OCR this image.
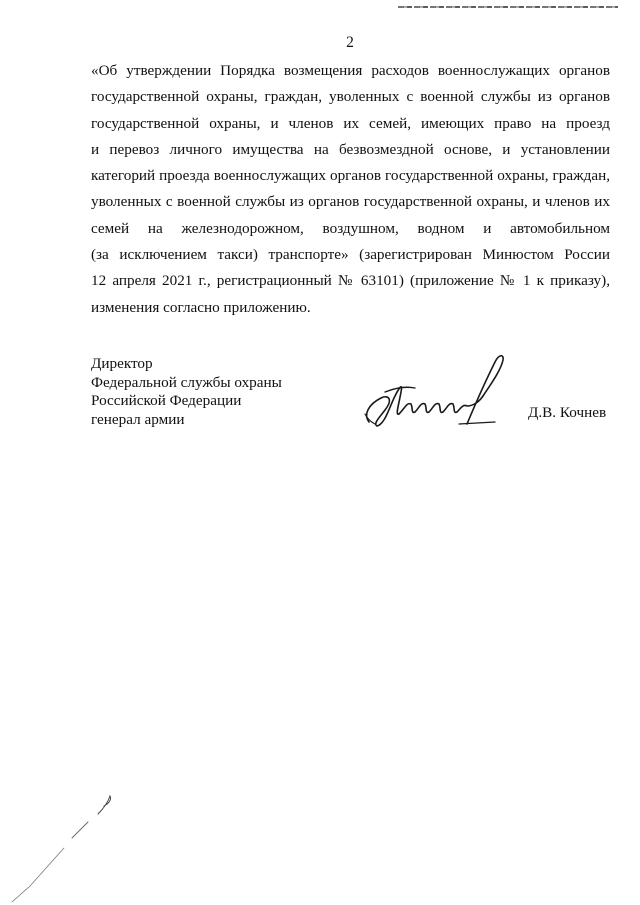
2
«Об утверждении Порядка возмещения расходов военнослужащих органов
государственной охраны, граждан, уволенных с военной службы из органов
государственной охраны, и членов их семей, имеющих право на проезд
и перевоз личного имущества на безвозмездной основе, и установлении
категорий проезда военнослужащих органов государственной охраны, граждан,
уволенных с военной службы из органов государственной охраны, и членов их
семей на железнодорожном, воздушном, водном и автомобильном
(за исключением такси) транспорте» (зарегистрирован Минюстом России
12 апреля 2021 г., регистрационный № 63101) (приложение № 1 к приказу),
изменения согласно приложению.
Директор
Федеральной службы охраны
Российской Федерации
генерал армии	Д.В. Кочнев
